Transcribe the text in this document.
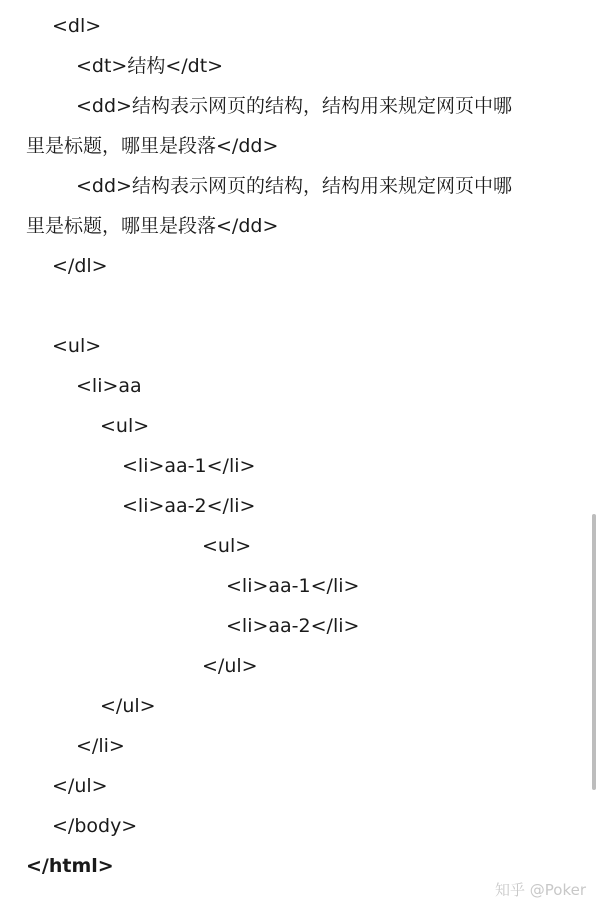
<dl>
<dt>结构</dt>
<dd>结构表示网页的结构，结构用来规定网页中哪
里是标题，哪里是段落</dd>
<dd>结构表示网页的结构，结构用来规定网页中哪
里是标题，哪里是段落</dd>
</dl>
<ul>
<li>aa
<ul>
<li>aa-1</li>
<li>aa-2</li>
<ul>
<li>aa-1</li>
<li>aa-2</li>
</ul>
</ul>
</li>
</ul>
</body>
</html>
知乎 @Poker
